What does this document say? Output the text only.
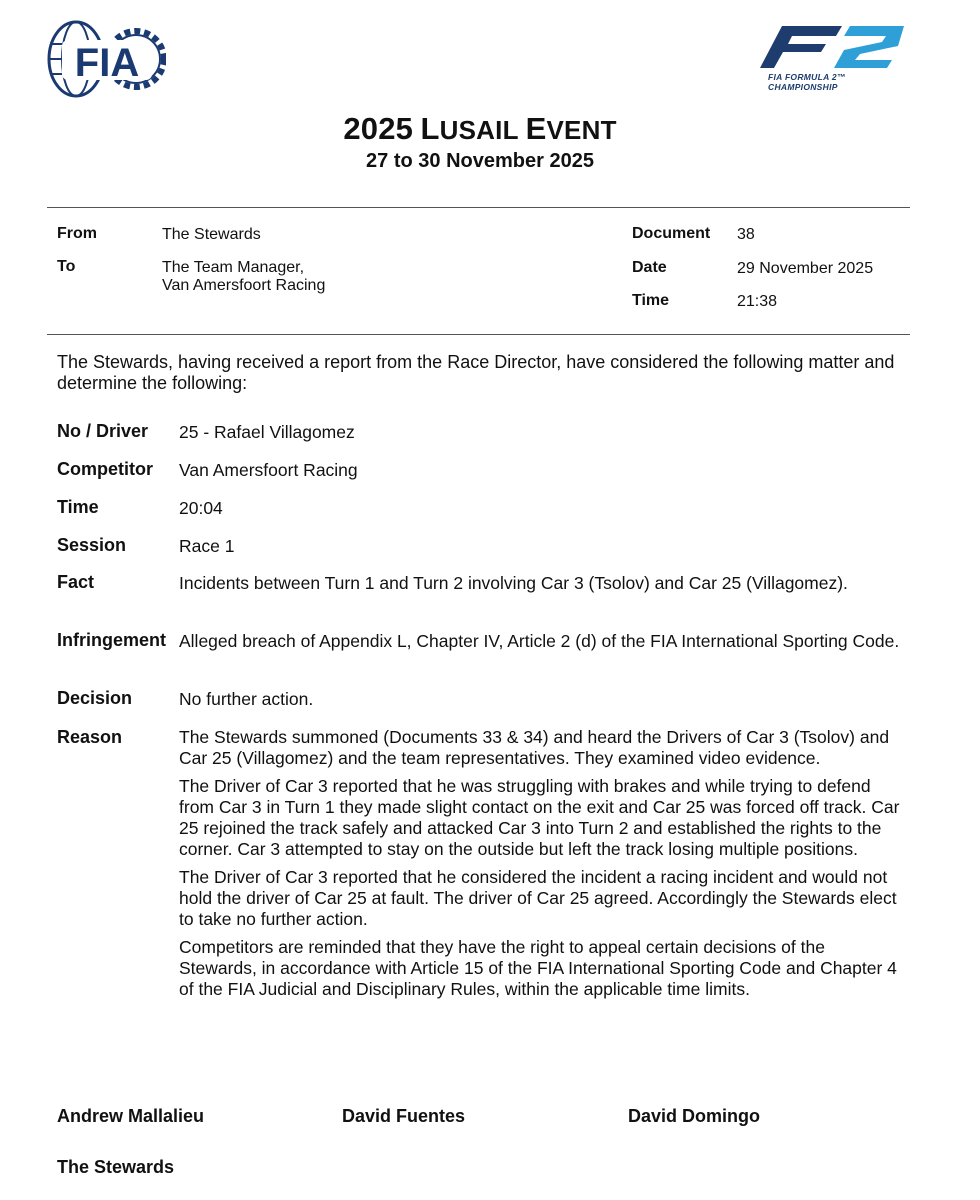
FIA	FIA FORMULA 2™
CHAMPIONSHIP
2025 LUSAIL EVENT
27 to 30 November 2025
From	The Stewards
To	The Team Manager,
Van Amersfoort Racing
Document 38
Date	29 November 2025
Time	21:38
The Stewards, having received a report from the Race Director, have considered the following matter and determine the following:
No / Driver 25 - Rafael Villagomez
Competitor Van Amersfoort Racing
Time	20:04
Session	Race 1
Fact	Incidents between Turn 1 and Turn 2 involving Car 3 (Tsolov) and Car 25 (Villagomez).
Infringement Alleged breach of Appendix L, Chapter IV, Article 2 (d) of the FIA International Sporting Code.
Decision	No further action.
Reason	The Stewards summoned (Documents 33 & 34) and heard the Drivers of Car 3 (Tsolov) and Car 25 (Villagomez) and the team representatives. They examined video evidence.

The Driver of Car 3 reported that he was struggling with brakes and while trying to defend from Car 3 in Turn 1 they made slight contact on the exit and Car 25 was forced off track. Car 25 rejoined the track safely and attacked Car 3 into Turn 2 and established the rights to the corner. Car 3 attempted to stay on the outside but left the track losing multiple positions.

The Driver of Car 3 reported that he considered the incident a racing incident and would not hold the driver of Car 25 at fault. The driver of Car 25 agreed. Accordingly the Stewards elect to take no further action.

Competitors are reminded that they have the right to appeal certain decisions of the Stewards, in accordance with Article 15 of the FIA International Sporting Code and Chapter 4 of the FIA Judicial and Disciplinary Rules, within the applicable time limits.

Andrew Mallalieu	David Fuentes	David Domingo
The Stewards
